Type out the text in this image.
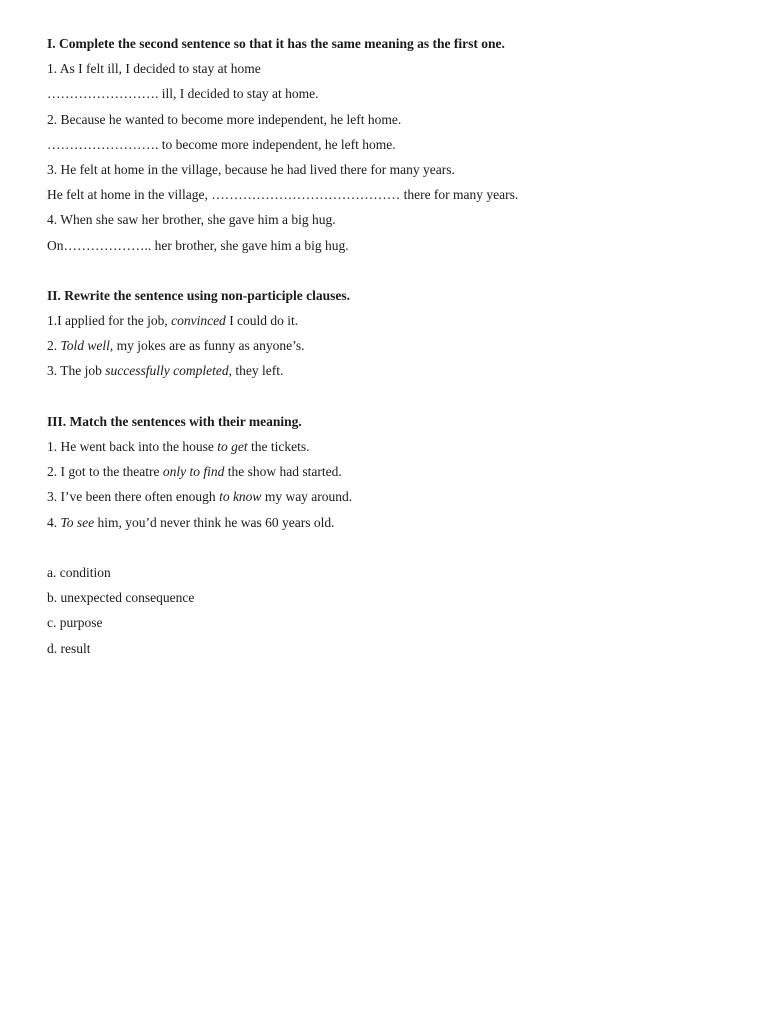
I. Complete the second sentence so that it has the same meaning as the first one.
1. As I felt ill, I decided to stay at home
……………………. ill, I decided to stay at home.
2. Because he wanted to become more independent, he left home.
……………………. to become more independent, he left home.
3. He felt at home in the village, because he had lived there for many years.
He felt at home in the village, …………………………………… there for many years.
4. When she saw her brother, she gave him a big hug.
On……………….. her brother, she gave him a big hug.
II. Rewrite the sentence using non-participle clauses.
1.I applied for the job, convinced I could do it.
2. Told well, my jokes are as funny as anyone’s.
3. The job successfully completed, they left.
III. Match the sentences with their meaning.
1. He went back into the house to get the tickets.
2. I got to the theatre only to find the show had started.
3. I’ve been there often enough to know my way around.
4. To see him, you’d never think he was 60 years old.
a. condition
b. unexpected consequence
c. purpose
d. result
